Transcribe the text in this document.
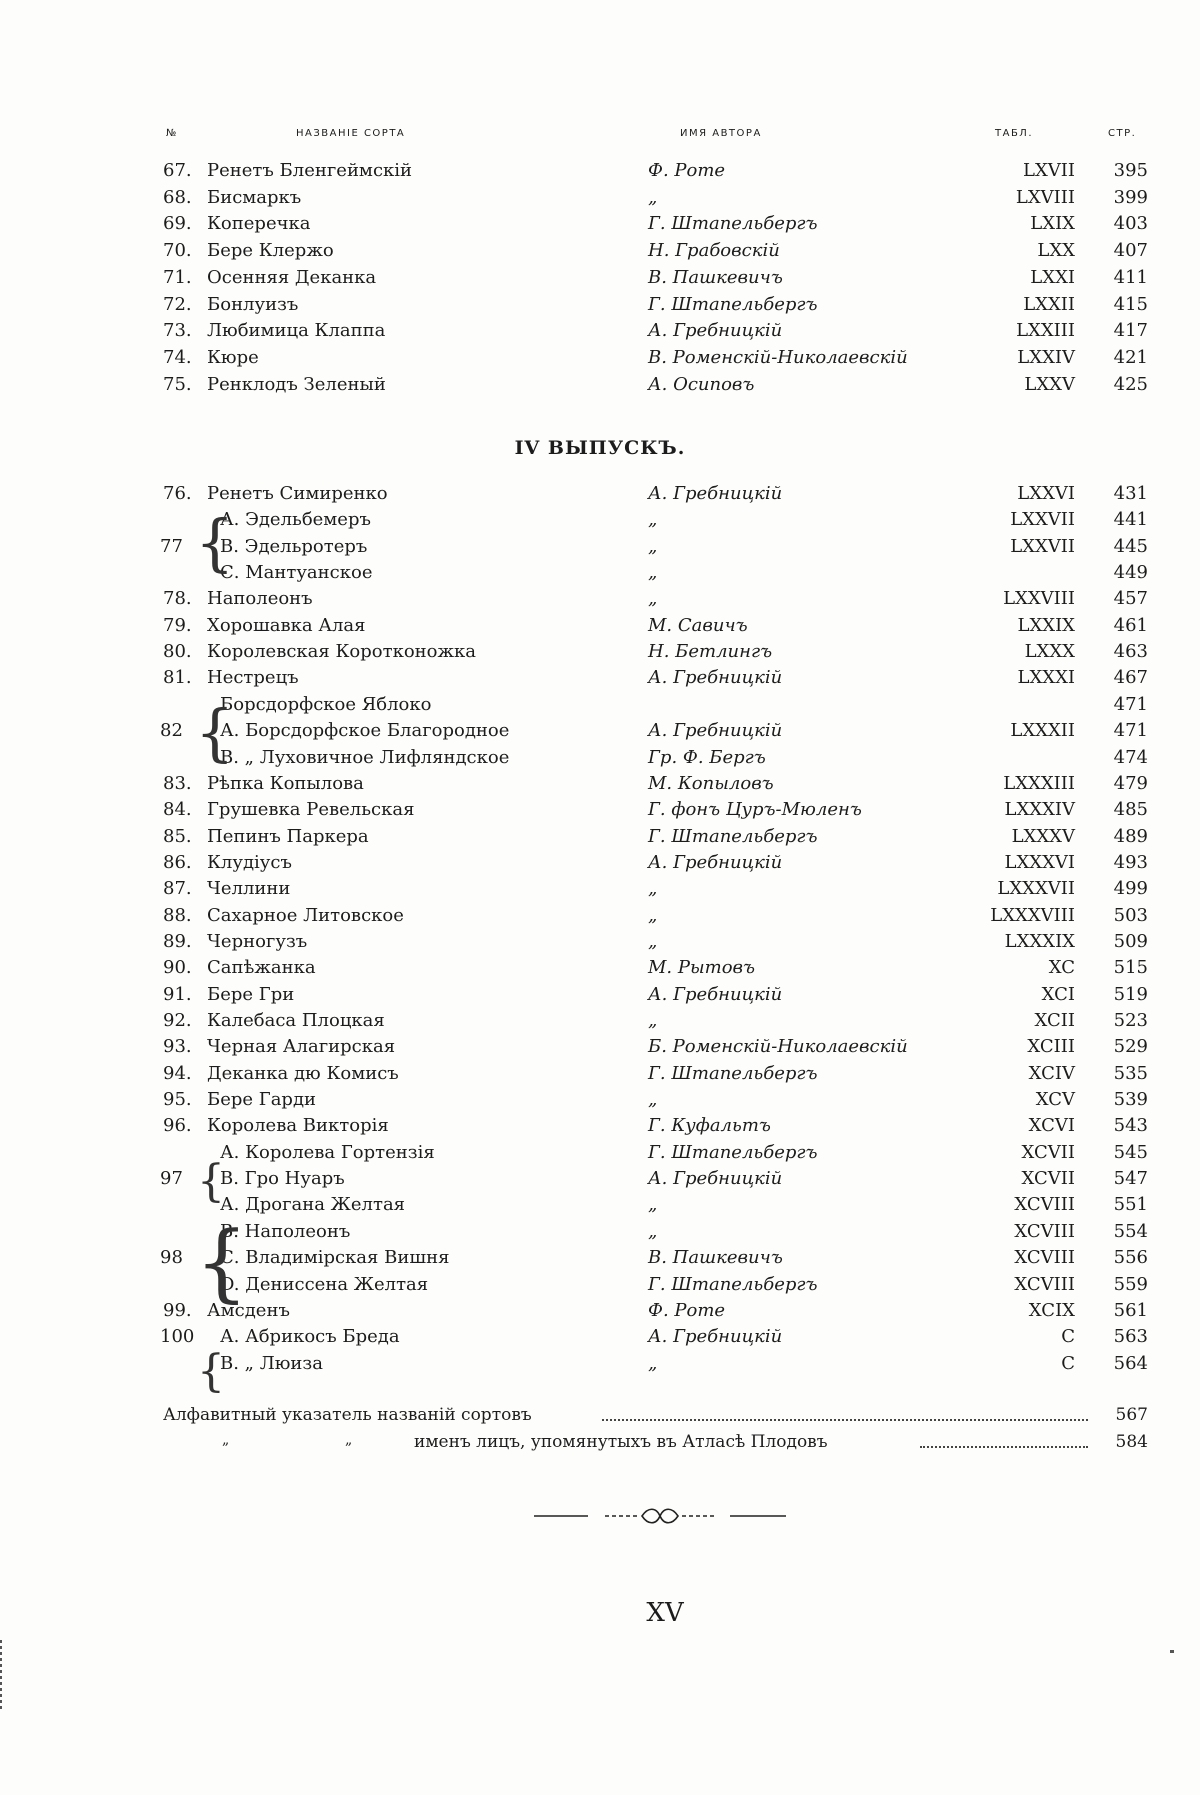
№	НАЗВАНІЕ СОРТА	ИМЯ АВТОРА	ТАБЛ.	СТР.
67. Ренетъ Бленгеймскій	Ф. Роте	LXVII 395
68. Бисмаркъ	„	LXVIII 399
69. Коперечка	Г. Штапельбергъ	LXIX 403
70. Бере Клержо	Н. Грабовскій	LXX 407
71. Осенняя Деканка	В. Пашкевичъ	LXXI 411
72. Бонлуизъ	Г. Штапельбергъ	LXXII 415
73. Любимица Клаппа	А. Гребницкій	LXXIII 417
74. Кюре	В. Роменскій-Николаевскій	LXXIV 421
75. Ренклодъ Зеленый	А. Осиповъ	LXXV 425
IV ВЫПУСКЪ.
76. Ренетъ Симиренко	А. Гребницкій	LXXVI 431
А. Эдельбемеръ	„	LXXVII 441
77 В. Эдельротеръ	„	LXXVII 445
С. Мантуанское	„	449
78. Наполеонъ	„	LXXVIII 457
79. Хорошавка Алая	М. Савичъ	LXXIX 461
80. Королевская Коротконожка	Н. Бетлингъ	LXXX 463
81. Нестрецъ	А. Гребницкій	LXXXI 467
Борсдорфское Яблоко	471
82 А. Борсдорфское Благородное	А. Гребницкій	LXXXII 471
В. „ Луховичное Лифляндское	Гр. Ф. Бергъ	474
83. Рѣпка Копылова	М. Копыловъ	LXXXIII 479
84. Грушевка Ревельская	Г. фонъ Цуръ-Мюленъ	LXXXIV 485
85. Пепинъ Паркера	Г. Штапельбергъ	LXXXV 489
86. Клудіусъ	А. Гребницкій	LXXXVI 493
87. Челлини	„	LXXXVII 499
88. Сахарное Литовское	„	LXXXVIII 503
89. Черногузъ	„	LXXXIX 509
90. Сапѣжанка	М. Рытовъ	XC 515
91. Бере Гри	А. Гребницкій	XCI 519
92. Калебаса Плоцкая	„	XCII 523
93. Черная Алагирская	Б. Роменскій-Николаевскій	XCIII 529
94. Деканка дю Комисъ	Г. Штапельбергъ	XCIV 535
95. Бере Гарди	„	XCV 539
96. Королева Викторія	Г. Куфальтъ	XCVI 543
А. Королева Гортензія	Г. Штапельбергъ	XCVII 545
97 В. Гро Нуаръ	А. Гребницкій	XCVII 547
А. Дрогана Желтая	„	XCVIII 551
В. Наполеонъ	„	XCVIII 554
98 С. Владимірская Вишня	В. Пашкевичъ	XCVIII 556
D. Денисcена Желтая	Г. Штапельбергъ	XCVIII 559
99. Амсденъ	Ф. Роте	XCIX 561
100 А. Абрикосъ Бреда	А. Гребницкій	C 563
В. „ Люиза	„	C 564
{
{
{
{
{
Алфавитный указатель названій сортовъ	567
„	„	именъ лицъ, упомянутыхъ въ Атласѣ Плодовъ	584
XV
